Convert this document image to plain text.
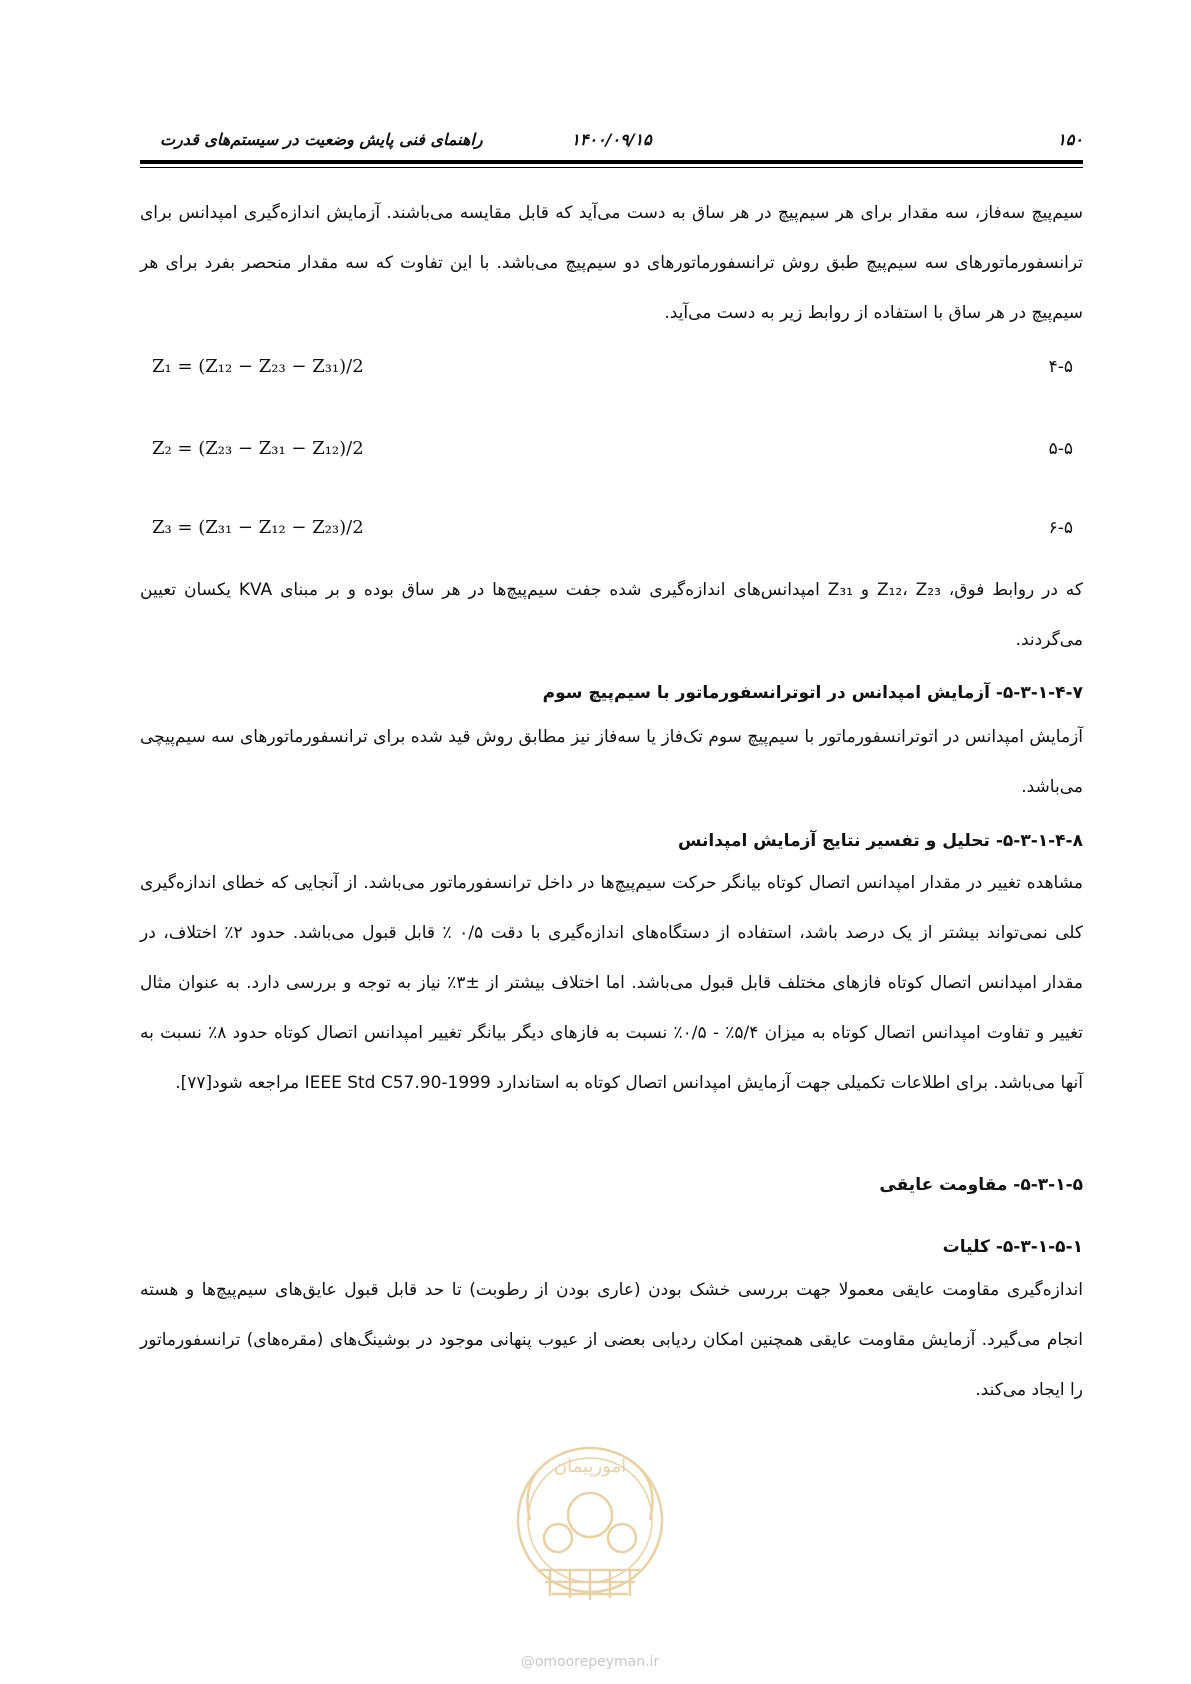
۱۵۰
۱۴۰۰/۰۹/۱۵
راهنمای فنی پایش وضعیت در سیستم‌های قدرت
سیم‌پیچ سه‌فاز، سه مقدار برای هر سیم‌پیچ در هر ساق به دست می‌آید که قابل مقایسه می‌باشند. آزمایش اندازه‌گیری امپدانس برای ترانسفورماتورهای سه سیم‌پیچ طبق روش ترانسفورماتورهای دو سیم‌پیچ می‌باشد. با این تفاوت که سه مقدار منحصر بفرد برای هر سیم‌پیچ در هر ساق با استفاده از روابط زیر به دست می‌آید.
Z₁ = (Z₁₂ − Z₂₃ − Z₃₁)/2	۴-۵
Z₂ = (Z₂₃ − Z₃₁ − Z₁₂)/2	۵-۵
Z₃ = (Z₃₁ − Z₁₂ − Z₂₃)/2	۶-۵
که در روابط فوق، Z₁₂، Z₂₃ و Z₃₁ امپدانس‌های اندازه‌گیری شده جفت سیم‌پیچ‌ها در هر ساق بوده و بر مبنای KVA یکسان تعیین می‌گردند.
۵-۳-۱-۴-۷- آزمایش امپدانس در اتوترانسفورماتور با سیم‌پیچ سوم
آزمایش امپدانس در اتوترانسفورماتور با سیم‌پیچ سوم تک‌فاز یا سه‌فاز نیز مطابق روش قید شده برای ترانسفورماتورهای سه سیم‌پیچی می‌باشد.
۵-۳-۱-۴-۸- تحلیل و تفسیر نتایج آزمایش امپدانس
مشاهده تغییر در مقدار امپدانس اتصال کوتاه بیانگر حرکت سیم‌پیچ‌ها در داخل ترانسفورماتور می‌باشد. از آنجایی که خطای اندازه‌گیری کلی نمی‌تواند بیشتر از یک درصد باشد، استفاده از دستگاه‌های اندازه‌گیری با دقت ۰/۵ ٪ قابل قبول می‌باشد. حدود ۲٪ اختلاف، در مقدار امپدانس اتصال کوتاه فازهای مختلف قابل قبول می‌باشد. اما اختلاف بیشتر از ±۳٪ نیاز به توجه و بررسی دارد. به عنوان مثال تغییر و تفاوت امپدانس اتصال کوتاه به میزان ۵/۴٪ - ۰/۵٪ نسبت به فازهای دیگر بیانگر تغییر امپدانس اتصال کوتاه حدود ۸٪ نسبت به آنها می‌باشد. برای اطلاعات تکمیلی جهت آزمایش امپدانس اتصال کوتاه به استاندارد IEEE Std C57.90-1999 مراجعه شود[۷۷].
۵-۳-۱-۵- مقاومت عایقی
۵-۳-۱-۵-۱- کلیات
اندازه‌گیری مقاومت عایقی معمولا جهت بررسی خشک بودن (عاری بودن از رطوبت) تا حد قابل قبول عایق‌های سیم‌پیچ‌ها و هسته انجام می‌گیرد. آزمایش مقاومت عایقی همچنین امکان ردیابی بعضی از عیوب پنهانی موجود در بوشینگ‌های (مقره‌های) ترانسفورماتور را ایجاد می‌کند.
امورپیمان
@omoorepeyman.ir
